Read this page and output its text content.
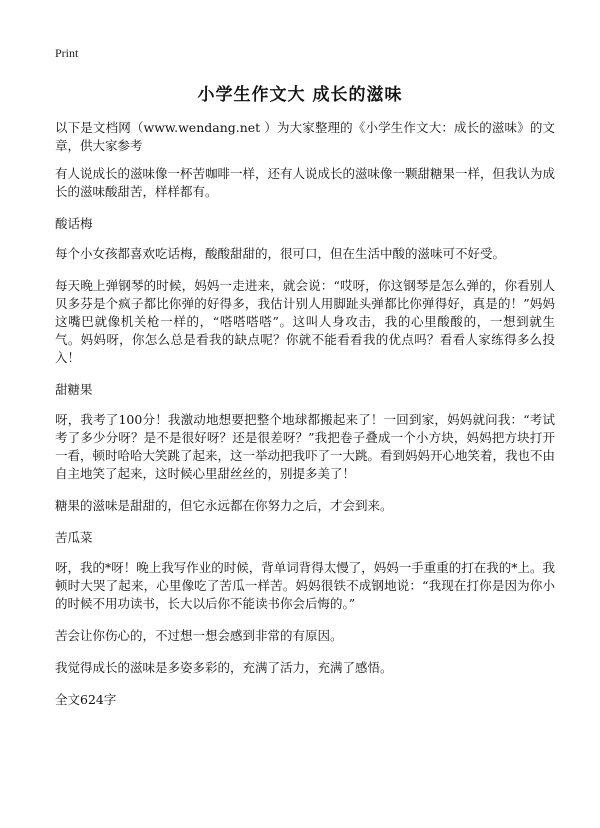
Print
小学生作文大 成长的滋味

以下是文档网（www.wendang.net ）为大家整理的《小学生作文大：成长的滋味》的文章，供大家参考

有人说成长的滋味像一杯苦咖啡一样，还有人说成长的滋味像一颗甜糖果一样，但我认为成长的滋味酸甜苦，样样都有。

酸话梅

每个小女孩都喜欢吃话梅，酸酸甜甜的，很可口，但在生活中酸的滋味可不好受。

每天晚上弹钢琴的时候，妈妈一走进来，就会说：“哎呀，你这钢琴是怎么弹的，你看别人贝多芬是个疯子都比你弹的好得多，我估计别人用脚趾头弹都比你弹得好，真是的！”妈妈这嘴巴就像机关枪一样的，“嗒嗒嗒嗒”。这叫人身攻击，我的心里酸酸的，一想到就生气。妈妈呀，你怎么总是看我的缺点呢？你就不能看看我的优点吗？看看人家练得多么投入！

甜糖果

呀，我考了100分！我激动地想要把整个地球都搬起来了！一回到家，妈妈就问我：“考试考了多少分呀？是不是很好呀？还是很差呀？”我把卷子叠成一个小方块，妈妈把方块打开一看，顿时哈哈大笑跳了起来，这一举动把我吓了一大跳。看到妈妈开心地笑着，我也不由自主地笑了起来，这时候心里甜丝丝的，别提多美了！

糖果的滋味是甜甜的，但它永远都在你努力之后，才会到来。

苦瓜菜

呀，我的*呀！晚上我写作业的时候，背单词背得太慢了，妈妈一手重重的打在我的*上。我顿时大哭了起来，心里像吃了苦瓜一样苦。妈妈很铁不成钢地说：“我现在打你是因为你小的时候不用功读书，长大以后你不能读书你会后悔的。”

苦会让你伤心的，不过想一想会感到非常的有原因。

我觉得成长的滋味是多姿多彩的，充满了活力，充满了感悟。

全文624字
